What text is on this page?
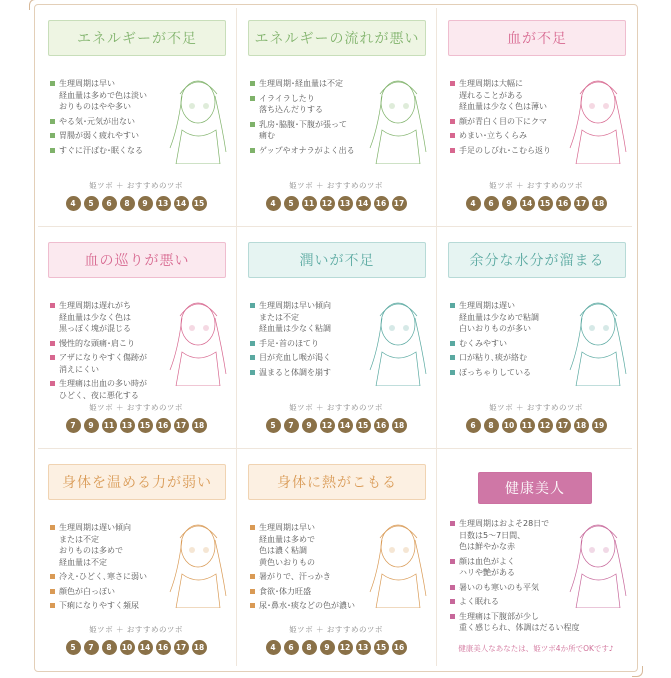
エネルギーが不足
生理周期は早い
経血量は多めで色は淡い
おりものはやや多い
やる気･元気が出ない
胃腸が弱く疲れやすい
すぐに汗ばむ･眠くなる
姫ツボ ＋ おすすめのツボ
4	5	6	8	9	13	14	15
エネルギーの流れが悪い
生理周期･経血量は不定
イライラしたり
落ち込んだりする
乳房･脇腹･下腹が張って
痛む
ゲップやオナラがよく出る
姫ツボ ＋ おすすめのツボ
4	5	11	12	13	14	16	17
血が不足
生理周期は大幅に
遅れることがある
経血量は少なく色は薄い
顔が青白く目の下にクマ
めまい･立ちくらみ
手足のしびれ･こむら返り
姫ツボ ＋ おすすめのツボ
4	6	9	14	15	16	17	18
血の巡りが悪い
生理周期は遅れがち
経血量は少なく色は
黒っぽく塊が混じる
慢性的な頭痛･肩こり
アザになりやすく傷跡が
消えにくい
生理痛は出血の多い時が
ひどく、夜に悪化する
姫ツボ ＋ おすすめのツボ
7	9	11	13	15	16	17	18
潤いが不足
生理周期は早い傾向
または不定
経血量は少なく粘調
手足･首のほてり
目が充血し喉が渇く
温まると体調を崩す
姫ツボ ＋ おすすめのツボ
5	7	9	12	14	15	16	18
余分な水分が溜まる
生理周期は遅い
経血量は少なめで粘調
白いおりものが多い
むくみやすい
口が粘り､痰が絡む
ぽっちゃりしている
姫ツボ ＋ おすすめのツボ
6	8	10	11	12	17	18	19
身体を温める力が弱い
生理周期は遅い傾向
または不定
おりものは多めで
経血量は不定
冷え･ひどく､寒さに弱い
顔色が白っぽい
下痢になりやすく頻尿
姫ツボ ＋ おすすめのツボ
5	7	8	10	14	16	17	18
身体に熱がこもる
生理周期は早い
経血量は多めで
色は濃く粘調
黄色いおりもの
暑がりで、汗っかき
食欲･体力旺盛
尿･鼻水･痰などの色が濃い
姫ツボ ＋ おすすめのツボ
4	6	8	9	12	13	15	16
健康美人
生理周期はおよそ28日で
日数は5～7日間、
色は鮮やかな赤
顔は血色がよく
ハリや艶がある
暑いのも寒いのも平気
よく眠れる
生理痛は下腹部が少し
重く感じられ、体調はだるい程度
健康美人なあなたは、姫ツボ4か所でOKです♪
